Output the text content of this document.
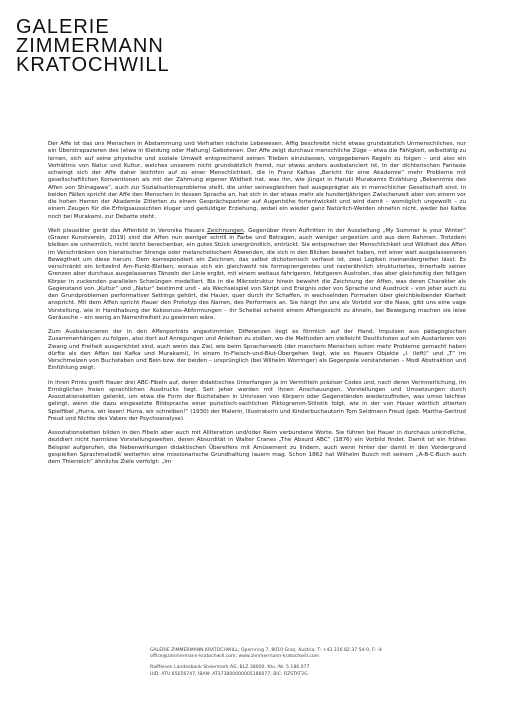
GALERIE
ZIMMERMANN
KRATOCHWILL

Der Affe ist das uns Menschen in Abstammung und Verhalten nächste Lebewesen. Affig beschreibt nicht etwas grundsätzlich Unmenschliches, nur ein Überstrapazieren des (etwa in Kleidung oder Haltung) Gebotenen. Der Affe zeigt durchaus menschliche Züge – etwa die Fähigkeit, selbsttätig zu lernen, sich auf seine physische und soziale Umwelt entsprechend seinen Trieben einzulassen, vorgegebenen Regeln zu folgen – und also ein Verhältnis von Natur und Kultur, welches unserem nicht grundsätzlich fremd, nur etwas anders ausbalanciert ist. In der dichterischen Fantasie schwingt sich der Affe daher leichthin auf zu einer Menschlichkeit, die in Franz Kafkas „Bericht für eine Akademie“ mehr Probleme mit gesellschaftlichen Konventionen als mit der Zähmung eigener Wildheit hat, was ihn, wie jüngst in Haruki Murakamis Erzählung „Bekenntnis des Affen von Shinagawa“, auch zur Sozialisationsprobleme stellt, die unter seinesgleichen fast ausgeprägter als in menschlicher Gesellschaft sind. In beiden Fällen spricht der Affe den Menschen in dessen Sprache an, hat sich in der etwas mehr als hundertjährigen Zwischenzeit aber von einem vor die hohen Herren der Akademie Zitierten zu einem Gesprächspartner auf Augenhöhe fortentwickelt und wird damit – womöglich ungewollt – zu einem Zeugen für die Erfolgsaussichten kluger und geduldiger Erziehung, wobei ein wieder ganz Natürlich-Werden ohnehin nicht, weder bei Kafka noch bei Murakami, zur Debatte steht.

Weit plausibler gerät das Affenbild in Veronika Hauers Zeichnungen. Gegenüber ihren Auftritten in der Ausstellung „My Summer is your Winter“ (Grazer Kunstverein, 2019) sind die Affen nun weniger schrill in Farbe und Betragen, auch weniger ungestüm und aus dem Rahmen. Trotzdem bleiben sie unheimlich, nicht leicht berechenbar, ein gutes Stück unergründlich, entrückt. Sie entsprechen der Menschlichkeit und Wildheit des Affen im Verschränken von hieratischer Strenge oder melancholischem Abwenden, die sich in den Blicken bewahrt haben, mit einer weit ausgelasseneren Bewegtheit um diese herum. Dem korrespondiert ein Zeichnen, das selbst dichotomisch verfasst ist, zwei Logiken ineinandergreifen lässt. Es verschränkt ein kritzelnd Am-Punkt-Bleiben, woraus sich ein gleichwohl nie formsprengendes und rasterähnlich strukturiertes, innerhalb seiner Grenzen aber durchaus ausgelassenes Tänzeln der Linie ergibt, mit einem weitaus fahrigeren, fetzigeren Ausholen, das aber gleichzeitig den felligen Körper in zuckenden parallelen Schwüngen modelliert. Bis in die Mikrostruktur hinein bewahrt die Zeichnung der Affen, was deren Charakter als Gegenstand von „Kultur“ und „Natur“ bestimmt und – als Wechselspiel von Skript und Ereignis oder von Sprache und Ausdruck – von jeher auch zu den Grundproblemen performativer Settings gehört, die Hauer, quer durch ihr Schaffen, in wechselnden Formaten über gleichbleibender Klarheit anspricht. Mit dem Affen spricht Hauer den Prototyp des Narren, des Performers an. Sie hängt ihn uns als Vorbild vor die Nase, gibt uns eine vage Vorstellung, wie in Handhabung der Kokosnuss-Abformungen – ihr Scheitel scheint einem Affengesicht zu ähneln, bei Bewegung machen sie leise Geräusche – ein wenig an Narrenfreiheit zu gewinnen wäre.

Zum Ausbalancieren der in den Affenporträts angestimmten Differenzen liegt es förmlich auf der Hand, Impulsen aus pädagogischen Zusammenhängen zu folgen, also dort auf Anregungen und Anleihen zu stoßen, wo die Methoden am vielleicht Deutlichsten auf ein Austarieren von Zwang und Freiheit ausgerichtet sind, auch wenn das Ziel, wie beim Spracherwerb (der manchem Menschen schon mehr Probleme gemacht haben dürfte als den Affen bei Kafka und Murakami), in einem In-Fleisch-und-Blut-Übergehen liegt, wie es Hauers Objekte „I. (left)“ und „T“ im Verschmelzen von Buchstaben und Bein bzw. der beiden – ursprünglich (bei Wilhelm Worringer) als Gegenpole verstandenen – Modi Abstraktion und Einfühlung zeigt.

In ihren Prints greift Hauer drei ABC-Fibeln auf, deren didaktisches Unterfangen ja im Vermitteln präziser Codes und, nach deren Verinnerlichung, im Ermöglichen freien sprachlichen Ausdrucks liegt. Seit jeher werden mit ihnen Anschauungen, Vorstellungen und Umsetzungen durch Assoziationsketten gelenkt, um etwa die Form der Buchstaben in Umrissen von Körpern oder Gegenständen wiederzufinden, was umso leichter gelingt, wenn die dazu eingesetzte Bildsprache einer puristisch-sachlichen Piktogramm-Stilistik folgt, wie in der von Hauer wörtlich zitierten Spielfibel „Hurra, wir lesen! Hurra, wir schreiben!“ (1930) der Malerin, Illustratorin und Kinderbuchautorin Tom Seidmann Freud (geb. Martha-Gertrud Freud und Nichte des Vaters der Psychoanalyse).

Assoziationsketten bilden in den Fibeln aber auch mit Alliteration und/oder Reim verbundene Worte. Sie führen bei Hauer in durchaus unkindliche, dezidiert nicht harmlose Vorstellungswelten, deren Absurdität in Walter Cranes „The Absurd ABC“ (1876) ein Vorbild findet. Damit ist ein frühes Beispiel aufgerufen, die Nebenwirkungen didaktischen Übereifers mit Amüsement zu lindern, auch wenn hinter der damit in den Vordergrund gespielten Sprachmelodik weiterhin eine missionarische Grundhaltung lauern mag. Schon 1862 hat Wilhelm Busch mit seinem „A-B-C-Buch auch dem Thierreich“ ähnliche Ziele verfolgt: „Im

GALERIE ZIMMERMANN KRATOCHWILL; Opernring 7, 8010 Graz, Austria; T: +43 316 82 37 54-0, F: -4
office@zimmermann-kratochwill.com; www.zimmermann-kratochwill.com
Raiffeisen Landesbank Steiermark AG, BLZ 38000, Ktu.-Nr. 5.186.077
UID: ATU 65656747, IBAN: AT373800000005186077, BIC: RZSTAT2G
